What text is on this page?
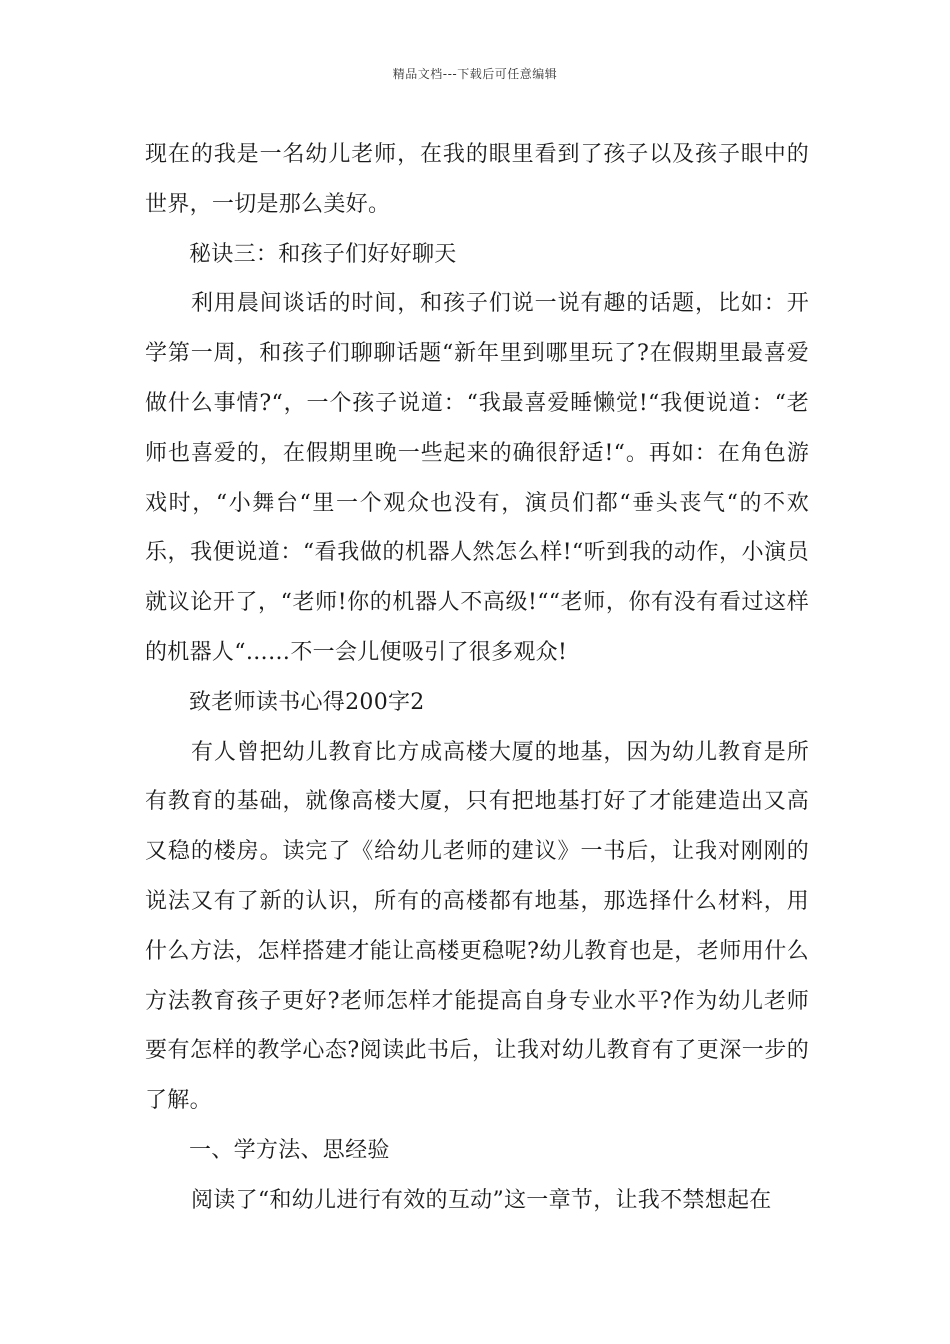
精品文档---下载后可任意编辑

现在的我是一名幼儿老师，在我的眼里看到了孩子以及孩子眼中的世界，一切是那么美好。

秘诀三：和孩子们好好聊天

利用晨间谈话的时间，和孩子们说一说有趣的话题，比如：开学第一周，和孩子们聊聊话题“新年里到哪里玩了?在假期里最喜爱做什么事情?“，一个孩子说道：“我最喜爱睡懒觉!“我便说道：“老师也喜爱的，在假期里晚一些起来的确很舒适!“。再如：在角色游戏时，“小舞台“里一个观众也没有，演员们都“垂头丧气“的不欢乐，我便说道：“看我做的机器人然怎么样!“听到我的动作，小演员就议论开了，“老师!你的机器人不高级!““老师，你有没有看过这样的机器人“……不一会儿便吸引了很多观众!

致老师读书心得200字2

有人曾把幼儿教育比方成高楼大厦的地基，因为幼儿教育是所有教育的基础，就像高楼大厦，只有把地基打好了才能建造出又高又稳的楼房。读完了《给幼儿老师的建议》一书后，让我对刚刚的说法又有了新的认识，所有的高楼都有地基，那选择什么材料，用什么方法，怎样搭建才能让高楼更稳呢?幼儿教育也是，老师用什么方法教育孩子更好?老师怎样才能提高自身专业水平?作为幼儿老师要有怎样的教学心态?阅读此书后，让我对幼儿教育有了更深一步的了解。

一、学方法、思经验

阅读了“和幼儿进行有效的互动”这一章节，让我不禁想起在
